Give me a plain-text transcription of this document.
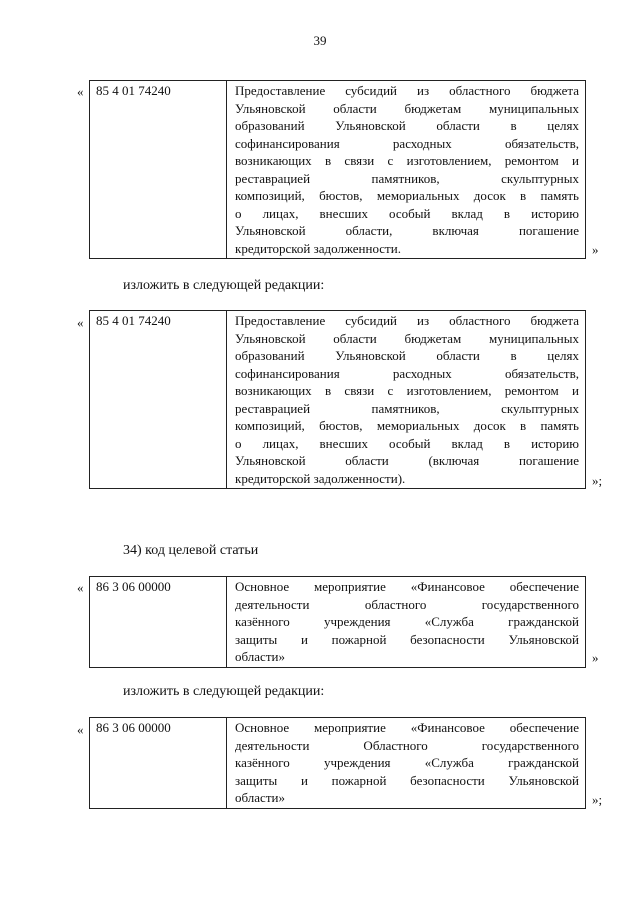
39
« 85 4 01 74240	Предоставление субсидий из областного бюджета
Ульяновской области бюджетам муниципальных
образований Ульяновской области в целях
софинансирования расходных обязательств,
возникающих в связи с изготовлением, ремонтом и
реставрацией памятников, скульптурных
композиций, бюстов, мемориальных досок в память
о лицах, внесших особый вклад в историю
Ульяновской области, включая погашение
кредиторской задолженности.	»
изложить в следующей редакции:
« 85 4 01 74240	Предоставление субсидий из областного бюджета
Ульяновской области бюджетам муниципальных
образований Ульяновской области в целях
софинансирования расходных обязательств,
возникающих в связи с изготовлением, ремонтом и
реставрацией памятников, скульптурных
композиций, бюстов, мемориальных досок в память
о лицах, внесших особый вклад в историю
Ульяновской области (включая погашение
кредиторской задолженности).	»;
34) код целевой статьи
« 86 3 06 00000	Основное мероприятие «Финансовое обеспечение
деятельности областного государственного
казённого учреждения «Служба гражданской
защиты и пожарной безопасности Ульяновской
области»	»
изложить в следующей редакции:
« 86 3 06 00000	Основное мероприятие «Финансовое обеспечение
деятельности Областного государственного
казённого учреждения «Служба гражданской
защиты и пожарной безопасности Ульяновской
области»	»;
